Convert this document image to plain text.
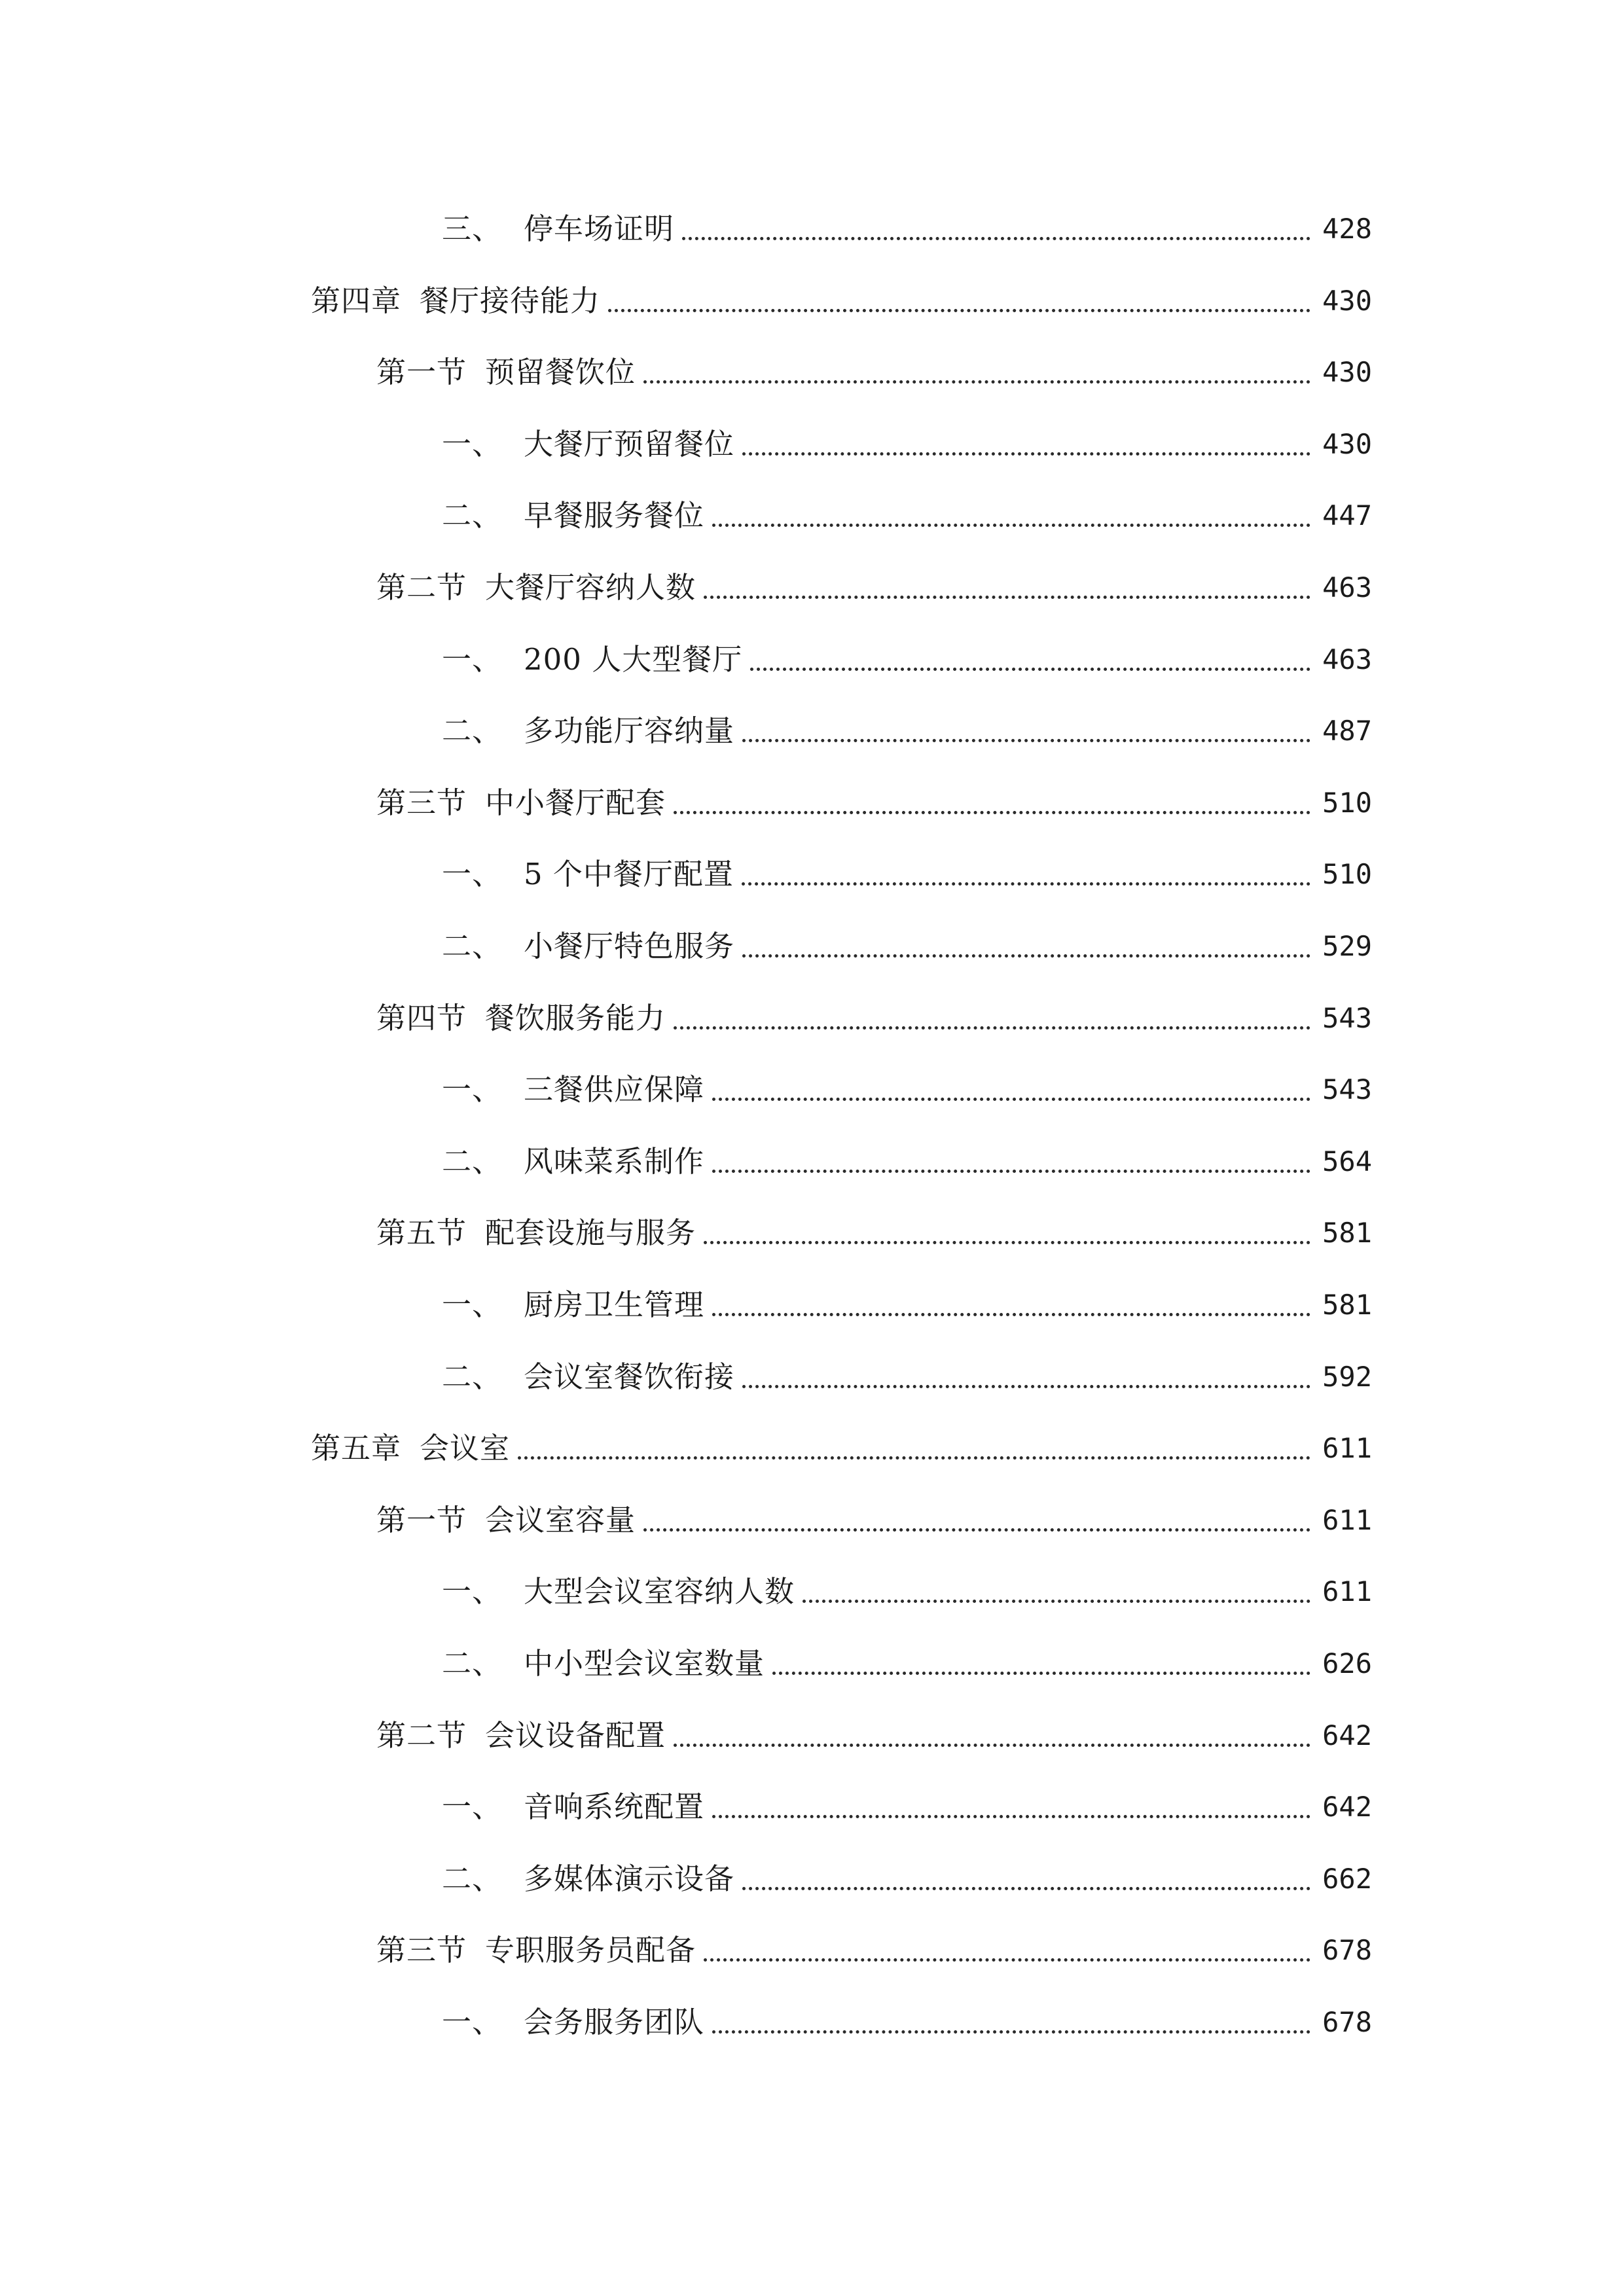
三、 停车场证明	428
第四章 餐厅接待能力	430
第一节 预留餐饮位	430
一、 大餐厅预留餐位	430
二、 早餐服务餐位	447
第二节 大餐厅容纳人数	463
一、 200 人大型餐厅	463
二、 多功能厅容纳量	487
第三节 中小餐厅配套	510
一、 5 个中餐厅配置	510
二、 小餐厅特色服务	529
第四节 餐饮服务能力	543
一、 三餐供应保障	543
二、 风味菜系制作	564
第五节 配套设施与服务	581
一、 厨房卫生管理	581
二、 会议室餐饮衔接	592
第五章 会议室	611
第一节 会议室容量	611
一、 大型会议室容纳人数	611
二、 中小型会议室数量	626
第二节 会议设备配置	642
一、 音响系统配置	642
二、 多媒体演示设备	662
第三节 专职服务员配备	678
一、 会务服务团队	678
